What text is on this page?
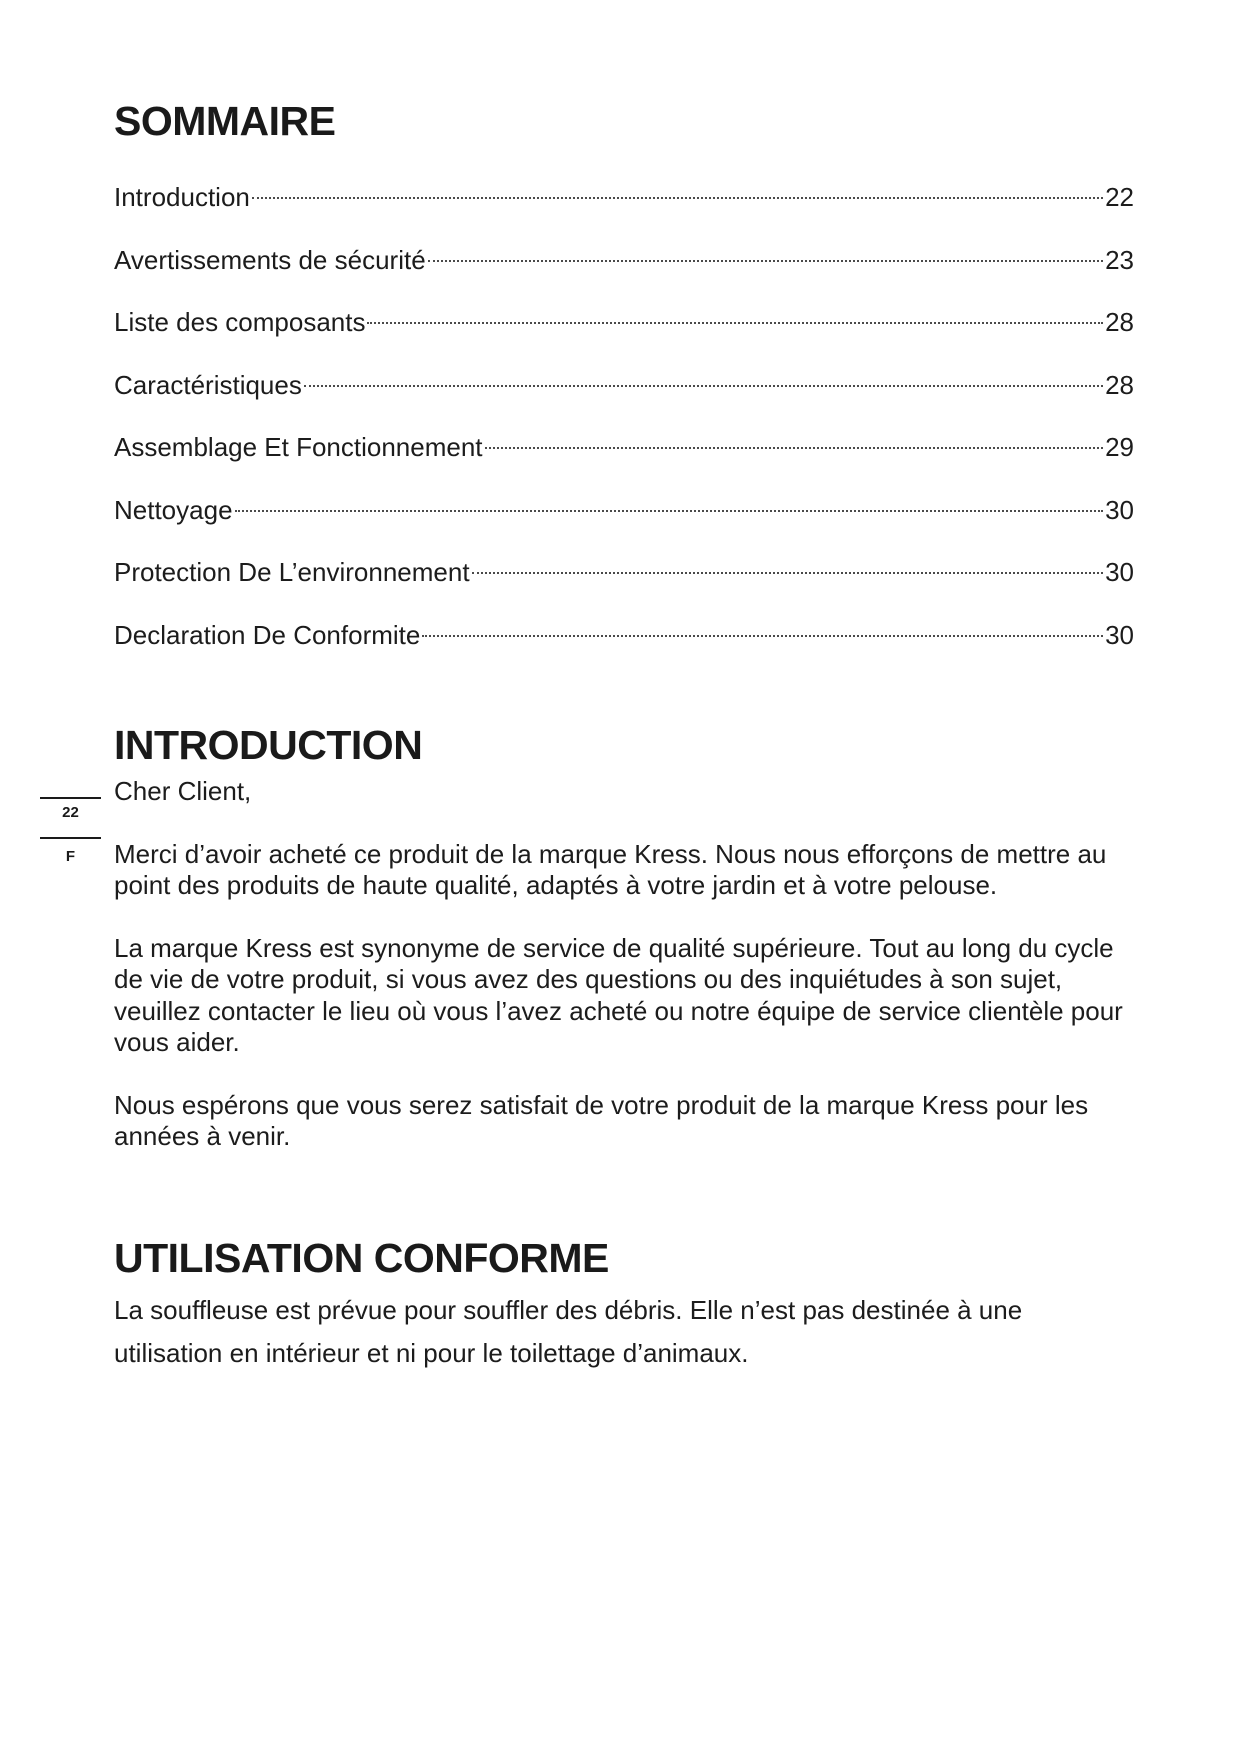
22
F
SOMMAIRE
Introduction	22
Avertissements de sécurité	23
Liste des composants	28
Caractéristiques	28
Assemblage Et Fonctionnement	29
Nettoyage	30
Protection De L’environnement	30
Declaration De Conformite	30
INTRODUCTION

Cher Client,

Merci d’avoir acheté ce produit de la marque Kress. Nous nous efforçons de mettre au point des produits de haute qualité, adaptés à votre jardin et à votre pelouse.

La marque Kress est synonyme de service de qualité supérieure. Tout au long du cycle de vie de votre produit, si vous avez des questions ou des inquiétudes à son sujet, veuillez contacter le lieu où vous l’avez acheté ou notre équipe de service clientèle pour vous aider.

Nous espérons que vous serez satisfait de votre produit de la marque Kress pour les années à venir.

UTILISATION CONFORME

La souffleuse est prévue pour souffler des débris. Elle n’est pas destinée à une utilisation en intérieur et ni pour le toilettage d’animaux.
